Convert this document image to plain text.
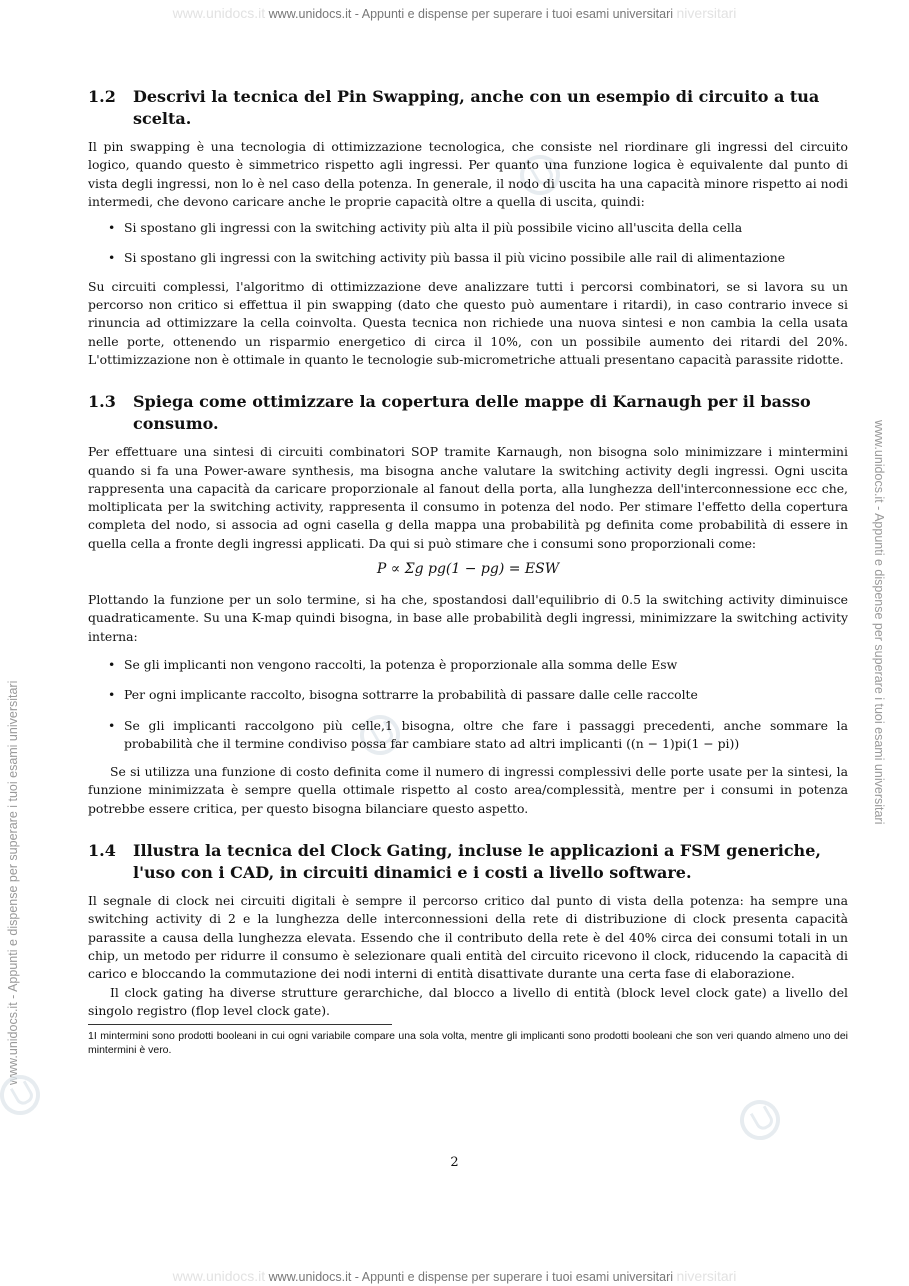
www.unidocs.it www.unidocs.it - Appunti e dispense per superare i tuoi esami universitari niversitari
www.unidocs.it - Appunti e dispense per superare i tuoi esami universitari
www.unidocs.it - Appunti e dispense per superare i tuoi esami universitari
1.2	Descrivi la tecnica del Pin Swapping, anche con un esempio di circuito a tua scelta.

Il pin swapping è una tecnologia di ottimizzazione tecnologica, che consiste nel riordinare gli ingressi del circuito logico, quando questo è simmetrico rispetto agli ingressi. Per quanto una funzione logica è equivalente dal punto di vista degli ingressi, non lo è nel caso della potenza. In generale, il nodo di uscita ha una capacità minore rispetto ai nodi intermedi, che devono caricare anche le proprie capacità oltre a quella di uscita, quindi:

• Si spostano gli ingressi con la switching activity più alta il più possibile vicino all'uscita della cella
• Si spostano gli ingressi con la switching activity più bassa il più vicino possibile alle rail di alimentazione

Su circuiti complessi, l'algoritmo di ottimizzazione deve analizzare tutti i percorsi combinatori, se si lavora su un percorso non critico si effettua il pin swapping (dato che questo può aumentare i ritardi), in caso contrario invece si rinuncia ad ottimizzare la cella coinvolta. Questa tecnica non richiede una nuova sintesi e non cambia la cella usata nelle porte, ottenendo un risparmio energetico di circa il 10%, con un possibile aumento dei ritardi del 20%. L'ottimizzazione non è ottimale in quanto le tecnologie sub-micrometriche attuali presentano capacità parassite ridotte.

1.3	Spiega come ottimizzare la copertura delle mappe di Karnaugh per il basso consumo.

Per effettuare una sintesi di circuiti combinatori SOP tramite Karnaugh, non bisogna solo minimizzare i mintermini quando si fa una Power-aware synthesis, ma bisogna anche valutare la switching activity degli ingressi. Ogni uscita rappresenta una capacità da caricare proporzionale al fanout della porta, alla lunghezza dell'interconnessione ecc che, moltiplicata per la switching activity, rappresenta il consumo in potenza del nodo. Per stimare l'effetto della copertura completa del nodo, si associa ad ogni casella g della mappa una probabilità pg definita come probabilità di essere in quella cella a fronte degli ingressi applicati. Da qui si può stimare che i consumi sono proporzionali come:

P ∝ Σg pg(1 − pg) = ESW

Plottando la funzione per un solo termine, si ha che, spostandosi dall'equilibrio di 0.5 la switching activity diminuisce quadraticamente. Su una K-map quindi bisogna, in base alle probabilità degli ingressi, minimizzare la switching activity interna:

• Se gli implicanti non vengono raccolti, la potenza è proporzionale alla somma delle Esw
• Per ogni implicante raccolto, bisogna sottrarre la probabilità di passare dalle celle raccolte
• Se gli implicanti raccolgono più celle,1 bisogna, oltre che fare i passaggi precedenti, anche sommare la probabilità che il termine condiviso possa far cambiare stato ad altri implicanti ((n − 1)pi(1 − pi))

Se si utilizza una funzione di costo definita come il numero di ingressi complessivi delle porte usate per la sintesi, la funzione minimizzata è sempre quella ottimale rispetto al costo area/complessità, mentre per i consumi in potenza potrebbe essere critica, per questo bisogna bilanciare questo aspetto.

1.4	Illustra la tecnica del Clock Gating, incluse le applicazioni a FSM generiche, l'uso con i CAD, in circuiti dinamici e i costi a livello software.

Il segnale di clock nei circuiti digitali è sempre il percorso critico dal punto di vista della potenza: ha sempre una switching activity di 2 e la lunghezza delle interconnessioni della rete di distribuzione di clock presenta capacità parassite a causa della lunghezza elevata. Essendo che il contributo della rete è del 40% circa dei consumi totali in un chip, un metodo per ridurre il consumo è selezionare quali entità del circuito ricevono il clock, riducendo la capacità di carico e bloccando la commutazione dei nodi interni di entità disattivate durante una certa fase di elaborazione.

Il clock gating ha diverse strutture gerarchiche, dal blocco a livello di entità (block level clock gate) a livello del singolo registro (flop level clock gate).

1I mintermini sono prodotti booleani in cui ogni variabile compare una sola volta, mentre gli implicanti sono prodotti booleani che son veri quando almeno uno dei mintermini è vero.

2
www.unidocs.it www.unidocs.it - Appunti e dispense per superare i tuoi esami universitari niversitari
